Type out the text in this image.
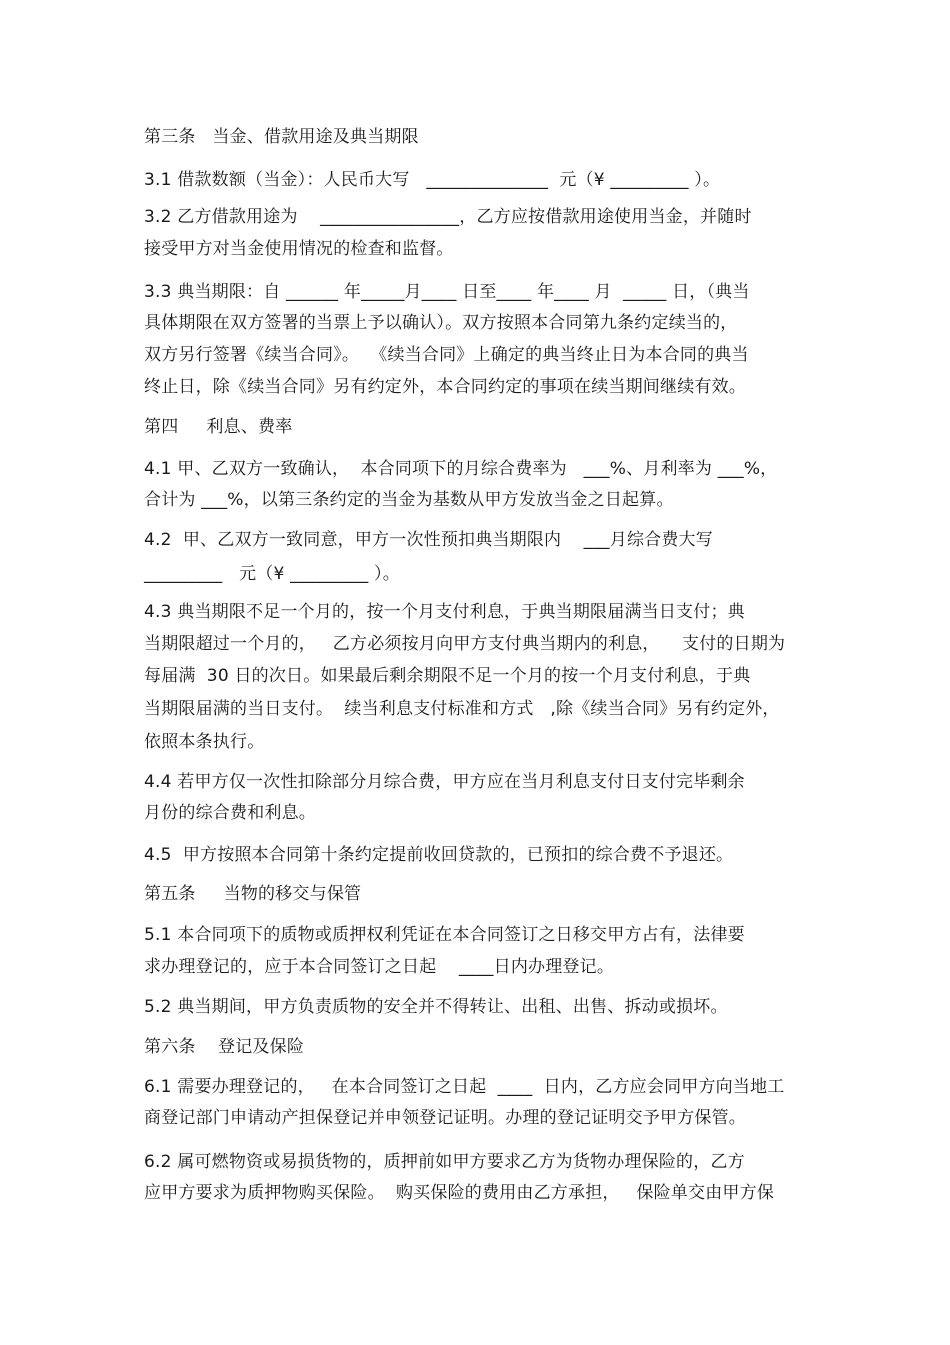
第三条   当金、借款用途及典当期限
3.1 借款数额（当金）：人民币大写   ______________  元（¥ _________ ）。
3.2 乙方借款用途为    ________________，乙方应按借款用途使用当金，并随时
接受甲方对当金使用情况的检查和监督。
3.3 典当期限：自 ______ 年_____月____ 日至____ 年____ 月  _____ 日，（典当
具体期限在双方签署的当票上予以确认）。双方按照本合同第九条约定续当的，
双方另行签署《续当合同》。  《续当合同》上确定的典当终止日为本合同的典当
终止日，除《续当合同》另有约定外，本合同约定的事项在续当期间继续有效。
第四     利息、费率
4.1 甲、乙双方一致确认，  本合同项下的月综合费率为   ___%、月利率为 ___%，
合计为 ___%，以第三条约定的当金为基数从甲方发放当金之日起算。
4.2  甲、乙双方一致同意，甲方一次性预扣典当期限内    ___月综合费大写
_________   元（¥ _________ ）。
4.3 典当期限不足一个月的，按一个月支付利息，于典当期限届满当日支付；典
当期限超过一个月的，   乙方必须按月向甲方支付典当期内的利息，    支付的日期为
每届满  30 日的次日。如果最后剩余期限不足一个月的按一个月支付利息，于典
当期限届满的当日支付。  续当利息支付标准和方式   ,除《续当合同》另有约定外，
依照本条执行。
4.4 若甲方仅一次性扣除部分月综合费，甲方应在当月利息支付日支付完毕剩余
月份的综合费和利息。
4.5  甲方按照本合同第十条约定提前收回贷款的，已预扣的综合费不予退还。
第五条     当物的移交与保管
5.1 本合同项下的质物或质押权利凭证在本合同签订之日移交甲方占有，法律要
求办理登记的，应于本合同签订之日起    ____日内办理登记。
5.2 典当期间，甲方负责质物的安全并不得转让、出租、出售、拆动或损坏。
第六条    登记及保险
6.1 需要办理登记的，   在本合同签订之日起  ____  日内，乙方应会同甲方向当地工
商登记部门申请动产担保登记并申领登记证明。办理的登记证明交予甲方保管。
6.2 属可燃物资或易损货物的，质押前如甲方要求乙方为货物办理保险的，乙方
应甲方要求为质押物购买保险。  购买保险的费用由乙方承担，   保险单交由甲方保
